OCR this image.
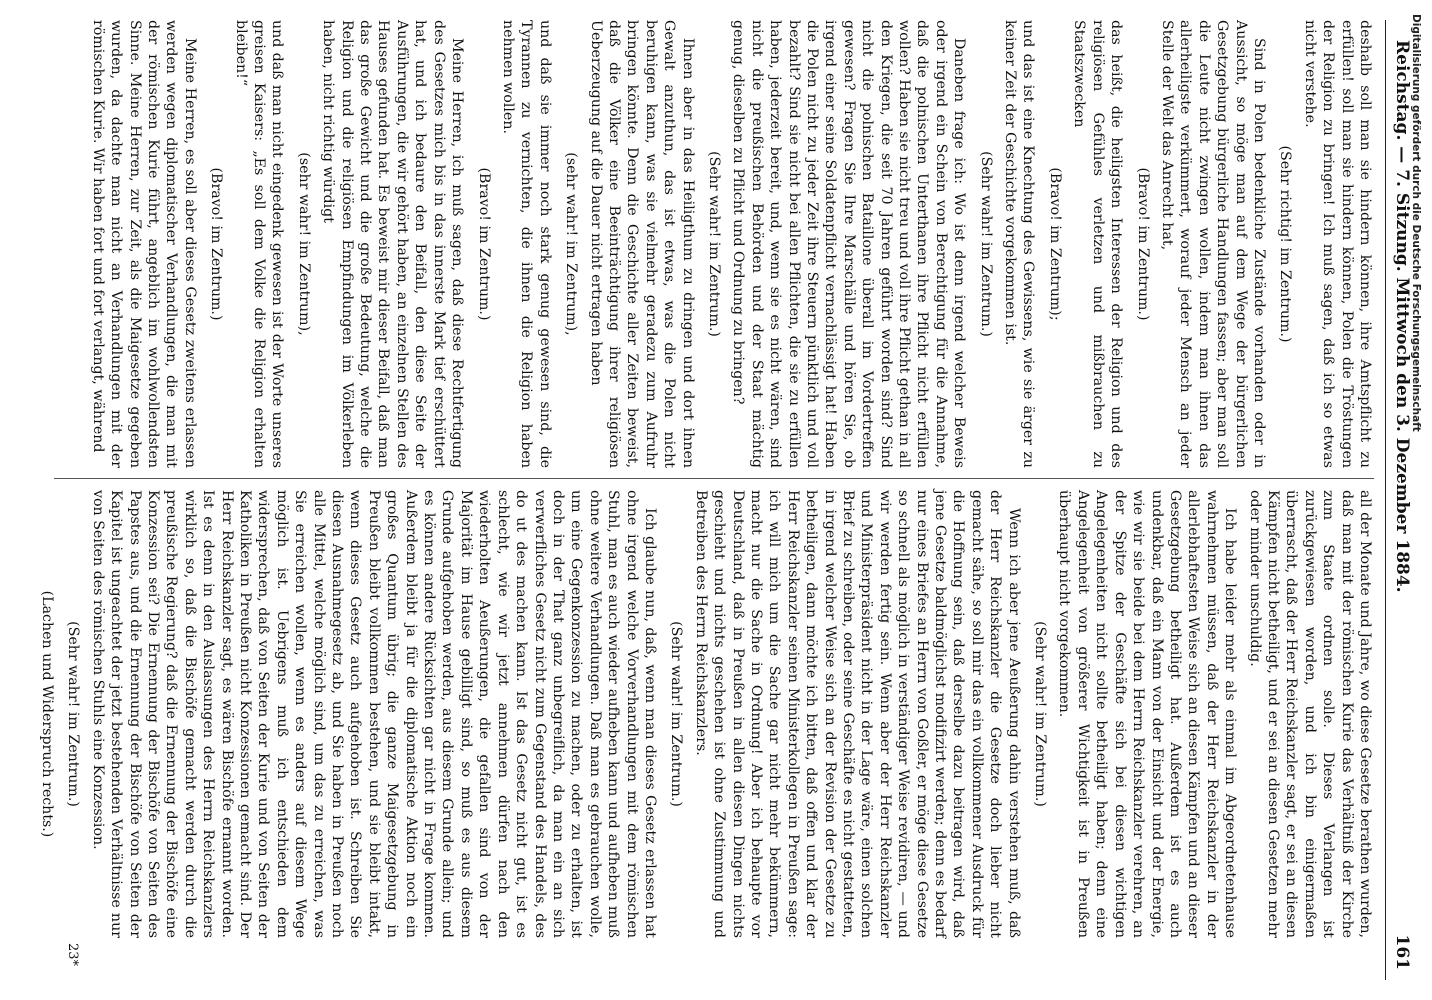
Reichstag. — 7. Sitzung. Mittwoch den 3. Dezember 1884.
161

deshalb soll man sie hindern können, ihre Amtspflicht zu erfüllen! soll man sie hindern können, Polen die Tröstungen der Religion zu bringen! Ich muß sagen, daß ich so etwas nicht verstehe.

(Sehr richtig! im Zentrum.)

Sind in Polen bedenkliche Zustände vorhanden oder in Aussicht, so möge man auf dem Wege der bürgerlichen Gesetzgebung bürgerliche Handlungen fassen; aber man soll die Leute nicht zwingen wollen, indem man ihnen das allerheiligste verkümmert, worauf jeder Mensch an jeder Stelle der Welt das Anrecht hat,

(Bravo! im Zentrum.)

das heißt, die heiligsten Interessen der Religion und des religiösen Gefühles verletzen und mißbrauchen zu Staatszwecken

(Bravo! im Zentrum);

und das ist eine Knechtung des Gewissens, wie sie ärger zu keiner Zeit der Geschichte vorgekommen ist.

(Sehr wahr! im Zentrum.)

Daneben frage ich: Wo ist denn irgend welcher Beweis oder irgend ein Schein von Berechtigung für die Annahme, daß die polnischen Unterthanen ihre Pflicht nicht erfüllen wollen? Haben sie nicht treu und voll ihre Pflicht gethan in all den Kriegen, die seit 70 Jahren geführt worden sind? Sind nicht die polnischen Bataillone überall im Vordertreffen gewesen? Fragen Sie Ihre Marschälle und hören Sie, ob irgend einer seine Soldatenpflicht vernachlässigt hat! Haben die Polen nicht zu jeder Zeit ihre Steuern pünktlich und voll bezahlt? Sind sie nicht bei allen Pflichten, die sie zu erfüllen haben, jederzeit bereit, und, wenn sie es nicht wären, sind nicht die preußischen Behörden und der Staat mächtig genug, dieselben zu Pflicht und Ordnung zu bringen?

(Sehr wahr! im Zentrum.)

Ihnen aber in das Heiligthum zu dringen und dort ihnen Gewalt anzuthun, das ist etwas, was die Polen nicht beruhigen kann, was sie vielmehr geradezu zum Aufruhr bringen könnte. Denn die Geschichte aller Zeiten beweist, daß die Völker eine Beeinträchtigung ihrer religiösen Ueberzeugung auf die Dauer nicht ertragen haben

(sehr wahr! im Zentrum),

und daß sie immer noch stark genug gewesen sind, die Tyrannen zu vernichten, die ihnen die Religion haben nehmen wollen.

(Bravo! im Zentrum.)

Meine Herren, ich muß sagen, daß diese Rechtfertigung des Gesetzes mich bis in das innerste Mark tief erschüttert hat, und ich bedaure den Beifall, den diese Seite der Ausführungen, die wir gehört haben, an einzelnen Stellen des Hauses gefunden hat. Es beweist mir dieser Beifall, daß man das große Gewicht und die große Bedeutung, welche die Religion und die religiösen Empfindungen im Völkerleben haben, nicht richtig würdigt

(sehr wahr! im Zentrum),

und daß man nicht eingedenk gewesen ist der Worte unseres greisen Kaisers: „Es soll dem Volke die Religion erhalten bleiben!“

(Bravo! im Zentrum.)

Meine Herren, es soll aber dieses Gesetz zweitens erlassen werden wegen diplomatischer Verhandlungen, die man mit der römischen Kurie führt, angeblich im wohlwollendsten Sinne. Meine Herren, zur Zeit, als die Maigesetze gegeben wurden, da dachte man nicht an Verhandlungen mit der römischen Kurie. Wir haben fort und fort verlangt, während

all der Monate und Jahre, wo diese Gesetze berathen wurden, daß man mit der römischen Kurie das Verhältniß der Kirche zum Staate ordnen solle. Dieses Verlangen ist zurückgewiesen worden, und ich bin einigermaßen überrascht, daß der Herr Reichskanzler sagt, er sei an diesen Kämpfen nicht betheiligt, und er sei an diesen Gesetzen mehr oder minder unschuldig.

Ich habe leider mehr als einmal im Abgeordnetenhause wahrnehmen müssen, daß der Herr Reichskanzler in der allerlebhaftesten Weise sich an diesen Kämpfen und an dieser Gesetzgebung betheiligt hat. Außerdem ist es auch undenkbar, daß ein Mann von der Einsicht und der Energie, wie wir sie beide bei dem Herrn Reichskanzler verehren, an der Spitze der Geschäfte sich bei diesen wichtigen Angelegenheiten nicht sollte betheiligt haben; denn eine Angelegenheit von größerer Wichtigkeit ist in Preußen überhaupt nicht vorgekommen.

(Sehr wahr! im Zentrum.)

Wenn ich aber jene Aeußerung dahin verstehen muß, daß der Herr Reichskanzler die Gesetze doch lieber nicht gemacht sähe, so soll mir das ein vollkommener Ausdruck für die Hoffnung sein, daß derselbe dazu beitragen wird, daß jene Gesetze baldmöglichst modifizirt werden; denn es bedarf nur eines Briefes an Herrn von Goßler, er möge diese Gesetze so schnell als möglich in verständiger Weise revidiren, — und wir werden fertig sein. Wenn aber der Herr Reichskanzler und Ministerpräsident nicht in der Lage wäre, einen solchen Brief zu schreiben, oder seine Geschäfte es nicht gestatteten, in irgend welcher Weise sich an der Revision der Gesetze zu betheiligen, dann möchte ich bitten, daß offen und klar der Herr Reichskanzler seinen Ministerkollegen in Preußen sage: ich will mich um die Sache gar nicht mehr bekümmern, macht nur die Sache in Ordnung! Aber ich behaupte vor Deutschland, daß in Preußen in allen diesen Dingen nichts geschieht und nichts geschehen ist ohne Zustimmung und Betreiben des Herrn Reichskanzlers.

(Sehr wahr! im Zentrum.)

Ich glaube nun, daß, wenn man dieses Gesetz erlassen hat ohne irgend welche Vorverhandlungen mit dem römischen Stuhl, man es auch wieder aufheben kann und aufheben muß ohne weitere Verhandlungen. Daß man es gebrauchen wolle, um eine Gegenkonzession zu machen, oder zu erhalten, ist doch in der That ganz unbegreiflich, da man ein an sich verwerfliches Gesetz nicht zum Gegenstand des Handels, des do ut des machen kann. Ist das Gesetz nicht gut, ist es schlecht, wie wir jetzt annehmen dürfen nach den wiederholten Aeußerungen, die gefallen sind von der Majorität im Hause gebilligt sind, so muß es aus diesem Grunde aufgehoben werden, aus diesem Grunde allein; und es können andere Rücksichten gar nicht in Frage kommen. Außerdem bleibt ja für die diplomatische Aktion noch ein großes Quantum übrig; die ganze Maigesetzgebung in Preußen bleibt vollkommen bestehen, und sie bleibt intakt, wenn dieses Gesetz auch aufgehoben ist. Schreiben Sie diesen Ausnahmegesetz ab, und Sie haben in Preußen noch alle Mittel, welche möglich sind, um das zu erreichen, was Sie erreichen wollen, wenn es anders auf diesem Wege möglich ist. Uebrigens muß ich entschieden dem widersprechen, daß von Seiten der Kurie und von Seiten der Katholiken in Preußen nicht Konzessionen gemacht sind. Der Herr Reichskanzler sagt, es wären Bischöfe ernannt worden. Ist es denn in den Auslassungen des Herrn Reichskanzlers wirklich so, daß die Bischöfe gemacht werden durch die preußische Regierung? daß die Ernennung der Bischöfe eine Konzession sei? Die Ernennung der Bischöfe von Seiten des Papstes aus, und die Ernennung der Bischöfe von Seiten der Kapitel ist ungeachtet der jetzt bestehenden Verhältnisse nur von Seiten des römischen Stuhls eine Konzession.

(Sehr wahr! im Zentrum.)

(Lachen und Widerspruch rechts.)

23*
Digitalisierung gefördert durch die Deutsche Forschungsgemeinschaft
